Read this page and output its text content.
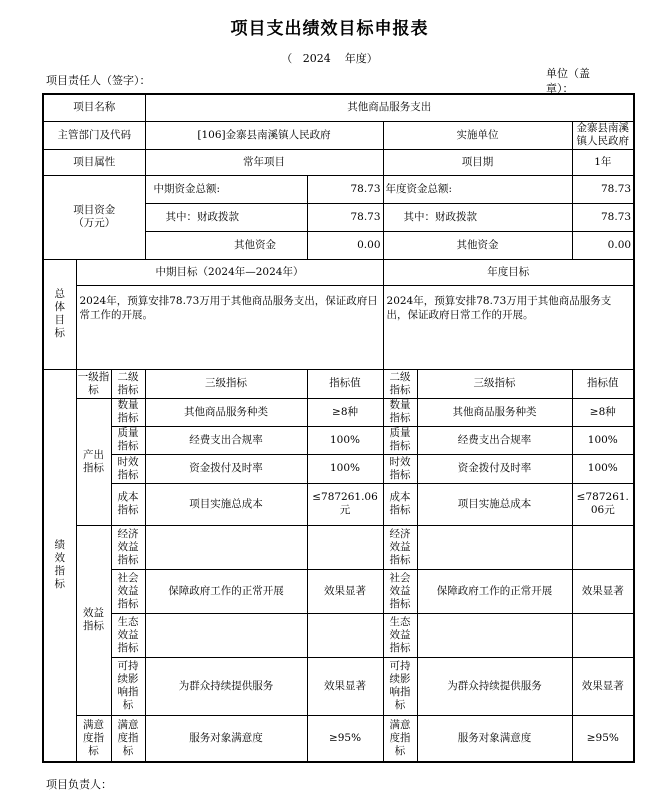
项目支出绩效目标申报表
（ 2024 年度）
项目责任人（签字）：
单位（盖章）：
项目名称			其他商品服务支出				
主管部门及代码			[106]金寨县南溪镇人民政府		实施单位		金寨县南溪镇人民政府
项目属性			常年项目		项目期		1年
项目资金（万元）			中期资金总额:	78.73	年度资金总额:		78.73
			其中：财政拨款	78.73	其中：财政拨款		78.73
			其他资金	0.00	其他资金		0.00
总体目标	中期目标（2024年—2024年）				年度目标		
	2024年，预算安排78.73万用于其他商品服务支出，保证政府日常工作的开展。				2024年，预算安排78.73万用于其他商品服务支出，保证政府日常工作的开展。		
绩效指标	一级指标	二级指标	三级指标	指标值	二级指标	三级指标	指标值
	产出指标	数量指标	其他商品服务种类	≥8种	数量指标	其他商品服务种类	≥8种
		质量指标	经费支出合规率	100%	质量指标	经费支出合规率	100%
		时效指标	资金拨付及时率	100%	时效指标	资金拨付及时率	100%
		成本指标	项目实施总成本	≤787261.06元	成本指标	项目实施总成本	≤787261.06元
	效益指标	经济效益指标			经济效益指标		
		社会效益指标	保障政府工作的正常开展	效果显著	社会效益指标	保障政府工作的正常开展	效果显著
		生态效益指标			生态效益指标		
		可持续影响指标	为群众持续提供服务	效果显著	可持续影响指标	为群众持续提供服务	效果显著
	满意度指标	满意度指标	服务对象满意度	≥95%	满意度指标	服务对象满意度	≥95%
项目负责人：
